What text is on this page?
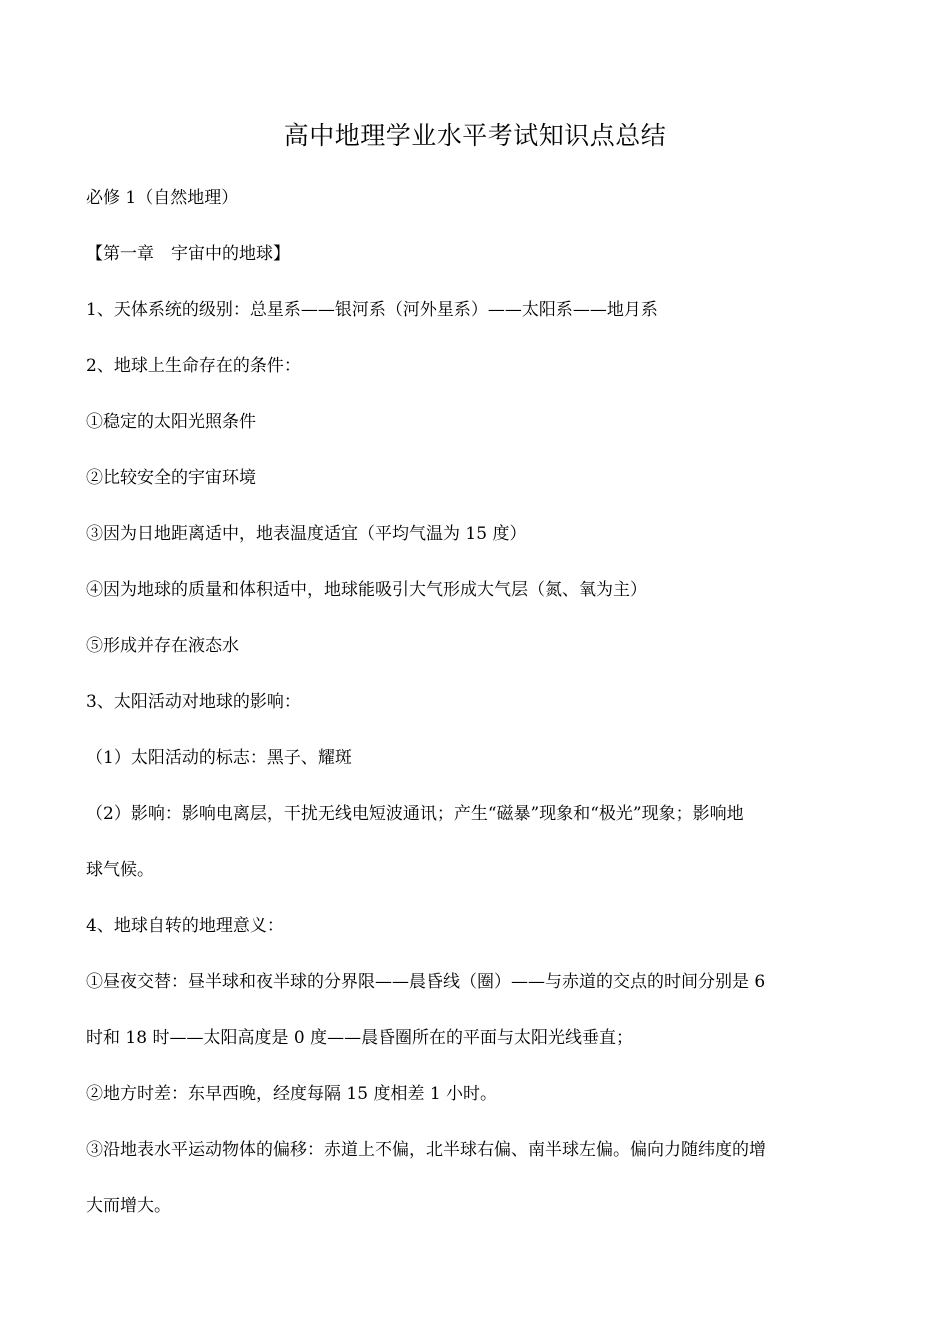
高中地理学业水平考试知识点总结
必修 1（自然地理）
【第一章　宇宙中的地球】
1、天体系统的级别：总星系——银河系（河外星系）——太阳系——地月系
2、地球上生命存在的条件：
①稳定的太阳光照条件
②比较安全的宇宙环境
③因为日地距离适中，地表温度适宜（平均气温为 15 度）
④因为地球的质量和体积适中，地球能吸引大气形成大气层（氮、氧为主）
⑤形成并存在液态水
3、太阳活动对地球的影响：
（1）太阳活动的标志：黑子、耀斑
（2）影响：影响电离层，干扰无线电短波通讯；产生“磁暴”现象和“极光”现象；影响地
球气候。
4、地球自转的地理意义：
①昼夜交替：昼半球和夜半球的分界限——晨昏线（圈）——与赤道的交点的时间分别是 6
时和 18 时——太阳高度是 0 度——晨昏圈所在的平面与太阳光线垂直；
②地方时差：东早西晚，经度每隔 15 度相差 1 小时。
③沿地表水平运动物体的偏移：赤道上不偏，北半球右偏、南半球左偏。偏向力随纬度的增
大而增大。
